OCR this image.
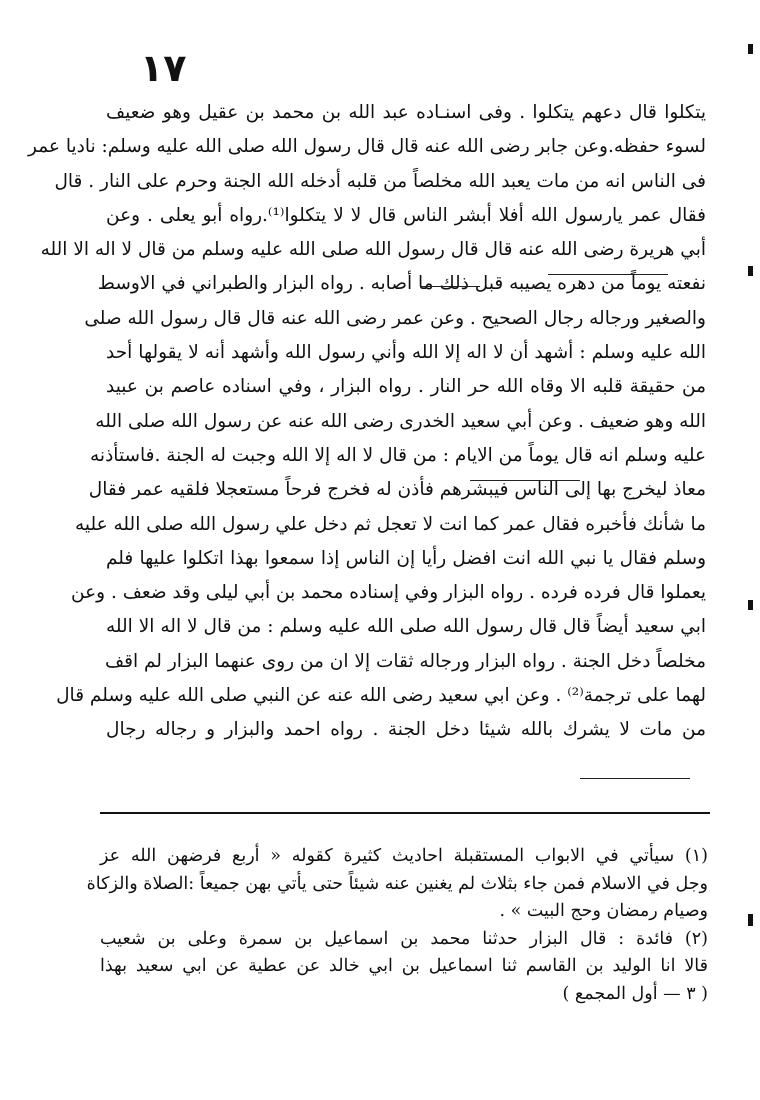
١٧
يتكلوا قال دعهم يتكلوا . وفى اسنـاده عبد الله بن محمد بن عقيل وهو ضعيف
لسوء حفظه.وعن جابر رضى الله عنه قال قال رسول الله صلى الله عليه وسلم: ناديا عمر
فى الناس انه من مات يعبد الله مخلصاً من قلبه أدخله الله الجنة وحرم على النار . قال
فقال عمر يارسول الله أفلا أبشر الناس قال لا لا يتكلوا⁽¹⁾.رواه أبو يعلى . وعن
أبي هريرة رضى الله عنه قال قال رسول الله صلى الله عليه وسلم من قال لا اله الا الله
نفعته يوماً من دهره يصيبه قبل ذلك ما أصابه . رواه البزار والطبراني في الاوسط
والصغير ورجاله رجال الصحيح . وعن عمر رضى الله عنه قال قال رسول الله صلى
الله عليه وسلم : أشهد أن لا اله إلا الله وأني رسول الله وأشهد أنه لا يقولها أحد
من حقيقة قلبه الا وقاه الله حر النار . رواه البزار ، وفي اسناده عاصم بن عبيد
الله وهو ضعيف . وعن أبي سعيد الخدرى رضى الله عنه عن رسول الله صلى الله
عليه وسلم انه قال يوماً من الايام : من قال لا اله إلا الله وجبت له الجنة .فاستأذنه
معاذ ليخرج بها إلى الناس فيبشرهم فأذن له فخرج فرحاً مستعجلا فلقيه عمر فقال
ما شأنك فأخبره فقال عمر كما انت لا تعجل ثم دخل علي رسول الله صلى الله عليه
وسلم فقال يا نبي الله انت افضل رأيا إن الناس إذا سمعوا بهذا اتكلوا عليها فلم
يعملوا قال فرده فرده . رواه البزار وفي إسناده محمد بن أبي ليلى وقد ضعف . وعن
ابي سعيد أيضاً قال قال رسول الله صلى الله عليه وسلم : من قال لا اله الا الله
مخلصاً دخل الجنة . رواه البزار ورجاله ثقات إلا ان من روى عنهما البزار لم اقف
لهما على ترجمة⁽²⁾ . وعن ابي سعيد رضى الله عنه عن النبي صلى الله عليه وسلم قال
من مات لا يشرك بالله شيئا دخل الجنة . رواه احمد والبزار و رجاله رجال
(١) سيأتي في الابواب المستقبلة احاديث كثيرة كقوله « أربع فرضهن الله عز
وجل في الاسلام فمن جاء بثلاث لم يغنين عنه شيئاً حتى يأتي بهن جميعاً :الصلاة والزكاة
وصيام رمضان وحج البيت » .
(٢) فائدة : قال البزار حدثنا محمد بن اسماعيل بن سمرة وعلى بن شعيب
قالا انا الوليد بن القاسم ثنا اسماعيل بن ابي خالد عن عطية عن ابي سعيد بهذا
( ٣ — أول المجمع )
